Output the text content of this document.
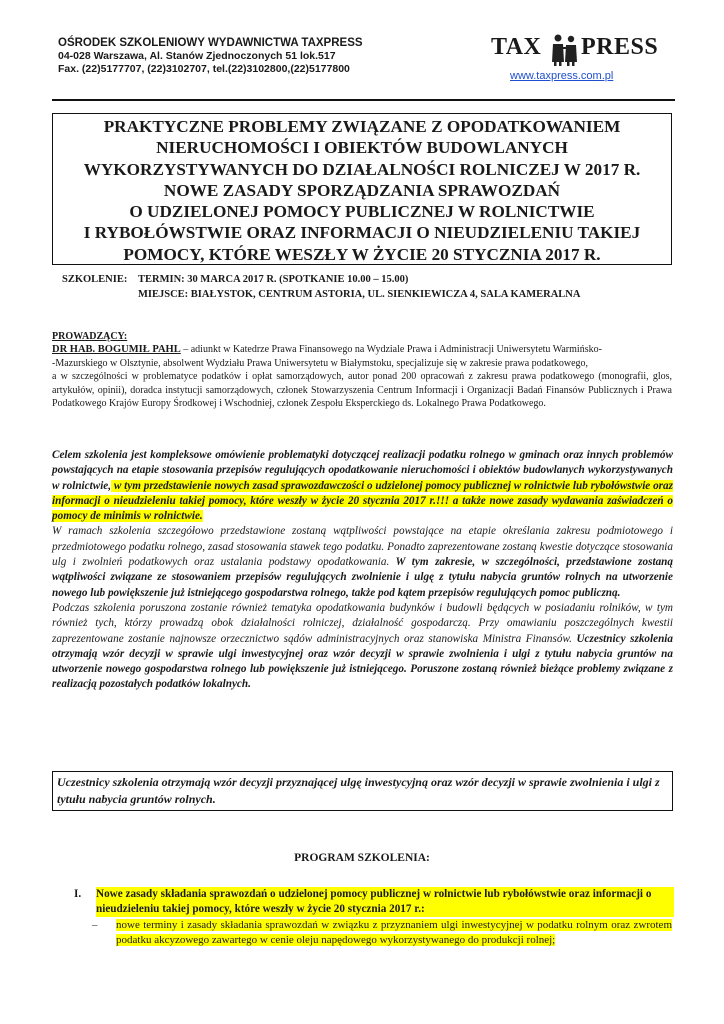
OŚRODEK SZKOLENIOWY WYDAWNICTWA TAXPRESS
04-028 Warszawa, Al. Stanów Zjednoczonych 51 lok.517
Fax. (22)5177707, (22)3102707, tel.(22)3102800,(22)5177800
TAX PRESS
www.taxpress.com.pl
PRAKTYCZNE PROBLEMY ZWIĄZANE Z OPODATKOWANIEM
NIERUCHOMOŚCI I OBIEKTÓW BUDOWLANYCH
WYKORZYSTYWANYCH DO DZIAŁALNOŚCI ROLNICZEJ W 2017 R.
NOWE ZASADY SPORZĄDZANIA SPRAWOZDAŃ
O UDZIELONEJ POMOCY PUBLICZNEJ W ROLNICTWIE
I RYBOŁÓWSTWIE ORAZ INFORMACJI O NIEUDZIELENIU TAKIEJ
POMOCY, KTÓRE WESZŁY W ŻYCIE 20 STYCZNIA 2017 R.
SZKOLENIE: TERMIN: 30 MARCA 2017 R. (SPOTKANIE 10.00 – 15.00)
MIEJSCE: BIAŁYSTOK, CENTRUM ASTORIA, UL. SIENKIEWICZA 4, SALA KAMERALNA
PROWADZĄCY:
DR HAB. BOGUMIŁ PAHL – adiunkt w Katedrze Prawa Finansowego na Wydziale Prawa i Administracji Uniwersytetu Warmińsko-
-Mazurskiego w Olsztynie, absolwent Wydziału Prawa Uniwersytetu w Białymstoku, specjalizuje się w zakresie prawa podatkowego,
a w szczególności w problematyce podatków i opłat samorządowych, autor ponad 200 opracowań z zakresu prawa podatkowego (monografii, glos, artykułów, opinii), doradca instytucji samorządowych, członek Stowarzyszenia Centrum Informacji i Organizacji Badań Finansów Publicznych i Prawa Podatkowego Krajów Europy Środkowej i Wschodniej, członek Zespołu Eksperckiego ds. Lokalnego Prawa Podatkowego.

Celem szkolenia jest kompleksowe omówienie problematyki dotyczącej realizacji podatku rolnego w gminach oraz innych problemów powstających na etapie stosowania przepisów regulujących opodatkowanie nieruchomości i obiektów budowlanych wykorzystywanych w rolnictwie, w tym przedstawienie nowych zasad sprawozdawczości o udzielonej pomocy publicznej w rolnictwie lub rybołówstwie oraz informacji o nieudzieleniu takiej pomocy, które weszły w życie 20 stycznia 2017 r.!!! a także nowe zasady wydawania zaświadczeń o pomocy de minimis w rolnictwie.

W ramach szkolenia szczegółowo przedstawione zostaną wątpliwości powstające na etapie określania zakresu podmiotowego i przedmiotowego podatku rolnego, zasad stosowania stawek tego podatku. Ponadto zaprezentowane zostaną kwestie dotyczące stosowania ulg i zwolnień podatkowych oraz ustalania podstawy opodatkowania. W tym zakresie, w szczególności, przedstawione zostaną wątpliwości związane ze stosowaniem przepisów regulujących zwolnienie i ulgę z tytułu nabycia gruntów rolnych na utworzenie nowego lub powiększenie już istniejącego gospodarstwa rolnego, także pod kątem przepisów regulujących pomoc publiczną.

Podczas szkolenia poruszona zostanie również tematyka opodatkowania budynków i budowli będących w posiadaniu rolników, w tym również tych, którzy prowadzą obok działalności rolniczej, działalność gospodarczą. Przy omawianiu poszczególnych kwestii zaprezentowane zostanie najnowsze orzecznictwo sądów administracyjnych oraz stanowiska Ministra Finansów. Uczestnicy szkolenia otrzymają wzór decyzji w sprawie ulgi inwestycyjnej oraz wzór decyzji w sprawie zwolnienia i ulgi z tytułu nabycia gruntów na utworzenie nowego gospodarstwa rolnego lub powiększenie już istniejącego. Poruszone zostaną również bieżące problemy związane z realizacją pozostałych podatków lokalnych.

Uczestnicy szkolenia otrzymają wzór decyzji przyznającej ulgę inwestycyjną oraz wzór decyzji w sprawie zwolnienia i ulgi z tytułu nabycia gruntów rolnych.
PROGRAM SZKOLENIA:
I. Nowe zasady składania sprawozdań o udzielonej pomocy publicznej w rolnictwie lub rybołówstwie oraz informacji o nieudzieleniu takiej pomocy, które weszły w życie 20 stycznia 2017 r.:
– nowe terminy i zasady składania sprawozdań w związku z przyznaniem ulgi inwestycyjnej w podatku rolnym oraz zwrotem podatku akcyzowego zawartego w cenie oleju napędowego wykorzystywanego do produkcji rolnej;
